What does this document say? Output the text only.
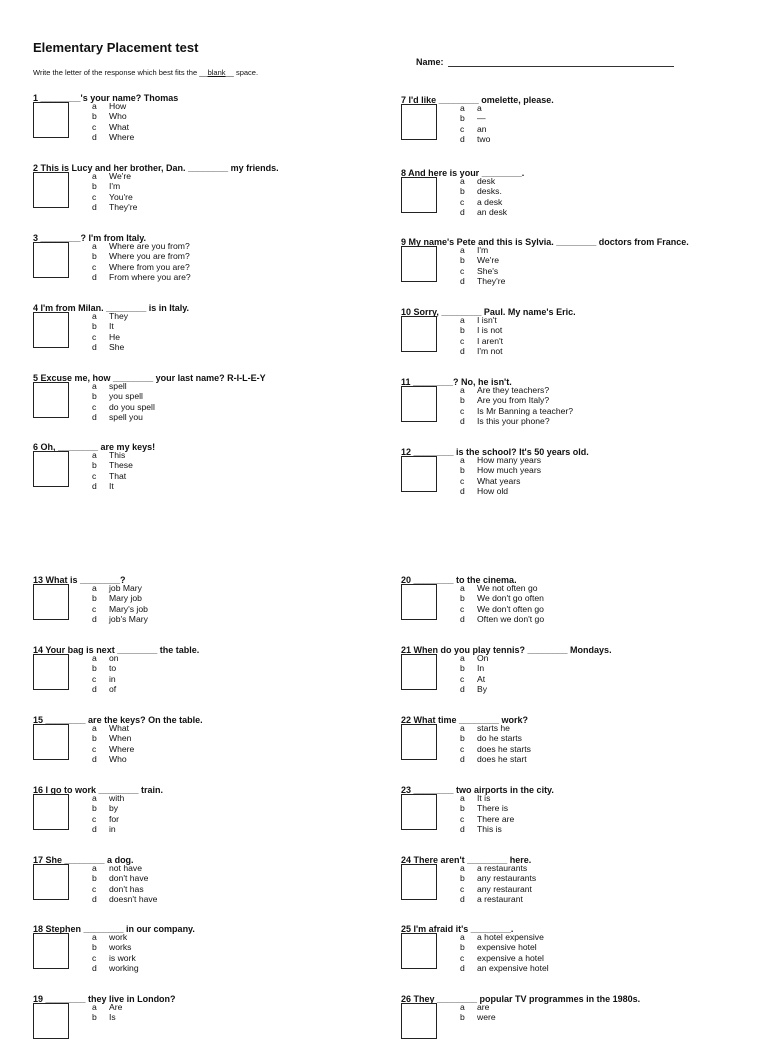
Elementary Placement test
Write the letter of the response which best fits the __blank__ space.
Name:
1 ________'s your name? Thomas
a How
b Who
c What
d Where
2 This is Lucy and her brother, Dan. ________ my friends.
a We're
b I'm
c You're
d They're
3 ________? I'm from Italy.
a Where are you from?
b Where you are from?
c Where from you are?
d From where you are?
4 I'm from Milan. ________ is in Italy.
a They
b It
c He
d She
5 Excuse me, how ________ your last name? R-I-L-E-Y
a spell
b you spell
c do you spell
d spell you
6 Oh, ________ are my keys!
a This
b These
c That
d It
7 I'd like ________ omelette, please.
a a
b —
c an
d two
8 And here is your ________.
a desk
b desks.
c a desk
d an desk
9 My name's Pete and this is Sylvia. ________ doctors from France.
a I'm
b We're
c She's
d They're
10 Sorry, ________ Paul. My name's Eric.
a I isn't
b I is not
c I aren't
d I'm not
11 ________? No, he isn't.
a Are they teachers?
b Are you from Italy?
c Is Mr Banning a teacher?
d Is this your phone?
12 ________ is the school? It's 50 years old.
a How many years
b How much years
c What years
d How old
13 What is ________?
a job Mary
b Mary job
c Mary's job
d job's Mary
14 Your bag is next ________ the table.
a on
b to
c in
d of
15 ________ are the keys? On the table.
a What
b When
c Where
d Who
16 I go to work ________ train.
a with
b by
c for
d in
17 She ________ a dog.
a not have
b don't have
c don't has
d doesn't have
18 Stephen ________ in our company.
a work
b works
c is work
d working
19 ________ they live in London?
a Are
b Is
20 ________ to the cinema.
a We not often go
b We don't go often
c We don't often go
d Often we don't go
21 When do you play tennis? ________ Mondays.
a On
b In
c At
d By
22 What time ________ work?
a starts he
b do he starts
c does he starts
d does he start
23 ________ two airports in the city.
a It is
b There is
c There are
d This is
24 There aren't ________ here.
a a restaurants
b any restaurants
c any restaurant
d a restaurant
25 I'm afraid it's ________.
a a hotel expensive
b expensive hotel
c expensive a hotel
d an expensive hotel
26 They ________ popular TV programmes in the 1980s.
a are
b were
